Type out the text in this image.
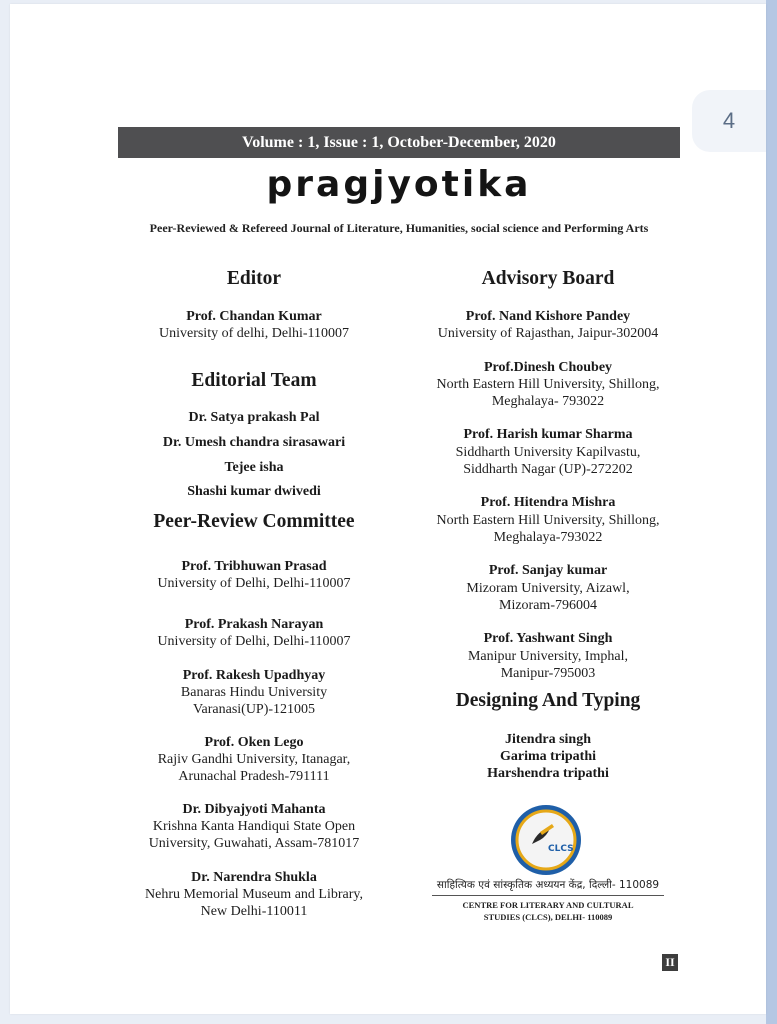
4
Volume : 1, Issue : 1, October-December, 2020
pragjyotika
Peer-Reviewed & Refereed Journal of Literature, Humanities, social science and Performing Arts
Editor
Prof. Chandan Kumar
University of delhi, Delhi-110007
Editorial Team
Dr. Satya prakash Pal
Dr. Umesh chandra sirasawari
Tejee isha
Shashi kumar dwivedi
Peer-Review Committee
Prof. Tribhuwan Prasad
University of Delhi, Delhi-110007
Prof. Prakash Narayan
University of Delhi, Delhi-110007
Prof. Rakesh Upadhyay
Banaras Hindu University
Varanasi(UP)-121005
Prof. Oken Lego
Rajiv Gandhi University, Itanagar,
Arunachal Pradesh-791111
Dr. Dibyajyoti Mahanta
Krishna Kanta Handiqui State Open
University, Guwahati, Assam-781017
Dr. Narendra Shukla
Nehru Memorial Museum and Library,
New Delhi-110011
Advisory Board
Prof. Nand Kishore Pandey
University of Rajasthan, Jaipur-302004
Prof.Dinesh Choubey
North Eastern Hill University, Shillong,
Meghalaya- 793022
Prof. Harish kumar Sharma
Siddharth University Kapilvastu,
Siddharth Nagar (UP)-272202
Prof. Hitendra Mishra
North Eastern Hill University, Shillong,
Meghalaya-793022
Prof. Sanjay kumar
Mizoram University, Aizawl,
Mizoram-796004
Prof. Yashwant Singh
Manipur University, Imphal,
Manipur-795003
Designing And Typing
Jitendra singh
Garima tripathi
Harshendra tripathi
CLCS
साहित्यिक एवं सांस्कृतिक अध्ययन केंद्र, दिल्ली- 110089
CENTRE FOR LITERARY AND CULTURAL
STUDIES (CLCS), DELHI- 110089
II
